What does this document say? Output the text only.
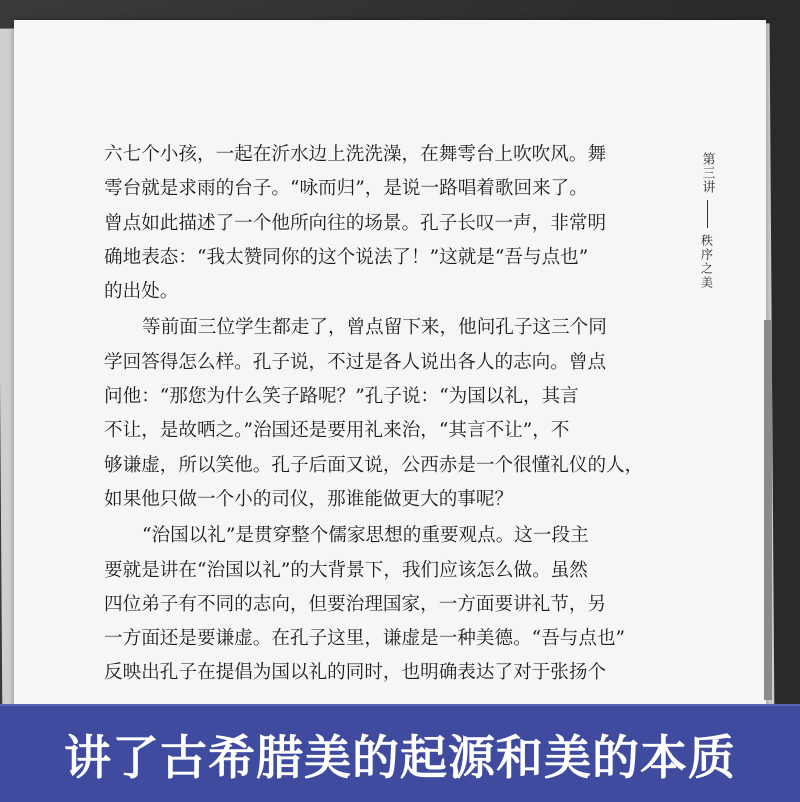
六七个小孩，一起在沂水边上洗洗澡，在舞雩台上吹吹风。舞
雩台就是求雨的台子。“咏而归”，是说一路唱着歌回来了。
曾点如此描述了一个他所向往的场景。孔子长叹一声，非常明
确地表态：“我太赞同你的这个说法了！”这就是“吾与点也”
的出处。

等前面三位学生都走了，曾点留下来，他问孔子这三个同
学回答得怎么样。孔子说，不过是各人说出各人的志向。曾点
问他：“那您为什么笑子路呢？”孔子说：“为国以礼，其言
不让，是故哂之。”治国还是要用礼来治，“其言不让”，不
够谦虚，所以笑他。孔子后面又说，公西赤是一个很懂礼仪的人，
如果他只做一个小的司仪，那谁能做更大的事呢？

“治国以礼”是贯穿整个儒家思想的重要观点。这一段主
要就是讲在“治国以礼”的大背景下，我们应该怎么做。虽然
四位弟子有不同的志向，但要治理国家，一方面要讲礼节，另
一方面还是要谦虚。在孔子这里，谦虚是一种美德。“吾与点也”
反映出孔子在提倡为国以礼的同时，也明确表达了对于张扬个

第三讲
秩序之美
讲了古希腊美的起源和美的本质
